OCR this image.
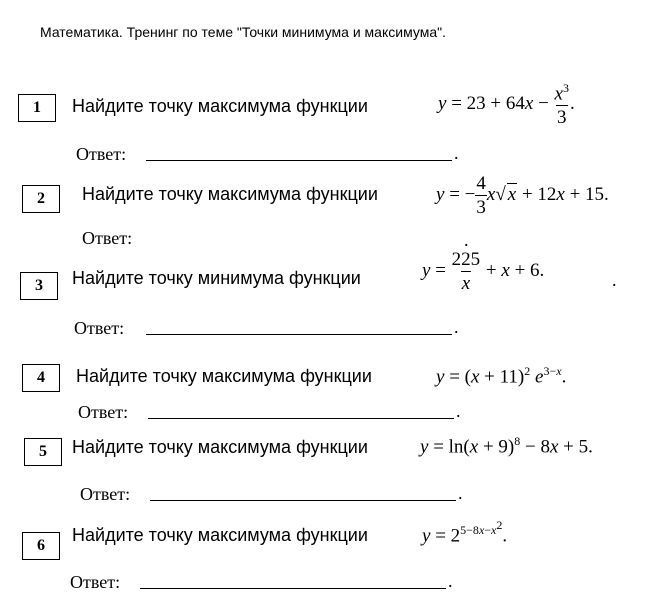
Математика. Тренинг по теме "Точки минимума и максимума".
1	Найдите точку максимума функции	$y = 23 + 64x - \frac{x^3}{3}$ .
Ответ:	.
2	Найдите точку максимума функции	y = − $\frac{4}{3} x√$ x + 12x + 15.
Ответ:	.
3	Найдите точку минимума функции	$y = \frac{225}{x} + x + 6$.	.
Ответ:	.
4	Найдите точку максимума функции	$y = (x + 11)^2$ $e^{3-x}$.
Ответ:	.
5	Найдите точку максимума функции	$y = \ln(x + 9)^8 - 8x + 5$.
Ответ:	.
6
Найдите точку максимума функции	$y = 2^{5-8x-x^2}$.
Ответ:	.
